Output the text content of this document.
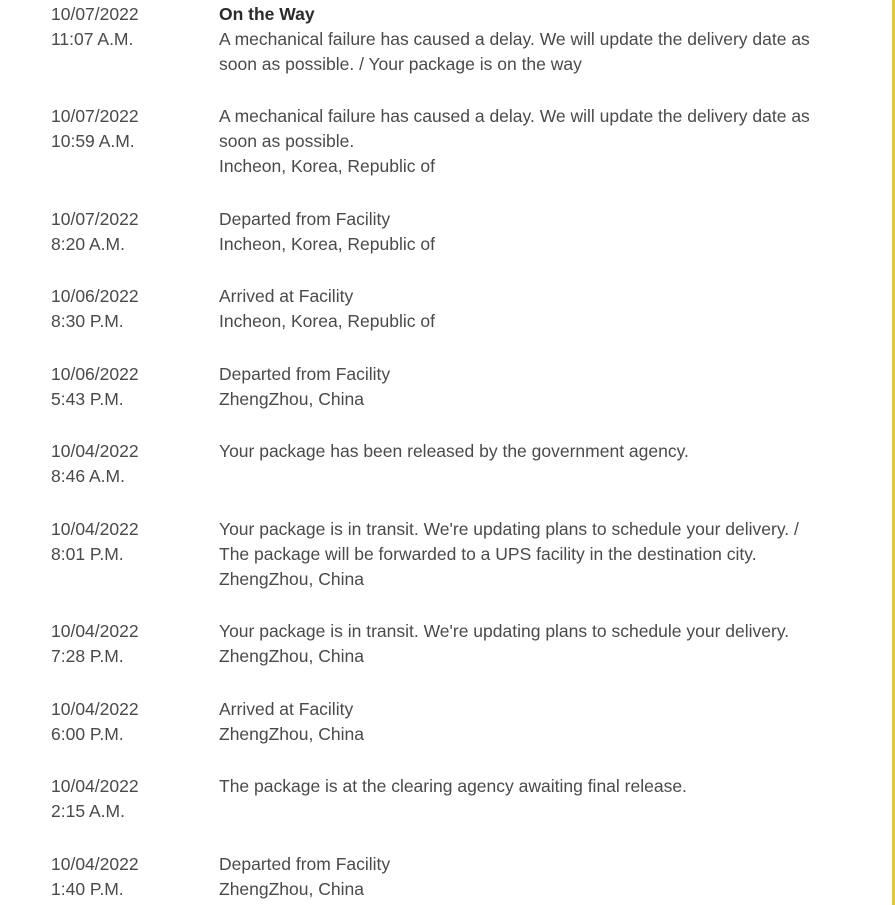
10/07/2022
11:07 A.M.
On the Way
A mechanical failure has caused a delay. We will update the delivery date as soon as possible. / Your package is on the way
10/07/2022
10:59 A.M.
A mechanical failure has caused a delay. We will update the delivery date as soon as possible.
Incheon, Korea, Republic of
10/07/2022
8:20 A.M.
Departed from Facility
Incheon, Korea, Republic of
10/06/2022
8:30 P.M.
Arrived at Facility
Incheon, Korea, Republic of
10/06/2022
5:43 P.M.
Departed from Facility
ZhengZhou, China
10/04/2022
8:46 A.M.
Your package has been released by the government agency.
10/04/2022
8:01 P.M.
Your package is in transit. We're updating plans to schedule your delivery. / The package will be forwarded to a UPS facility in the destination city.
ZhengZhou, China
10/04/2022
7:28 P.M.
Your package is in transit. We're updating plans to schedule your delivery.
ZhengZhou, China
10/04/2022
6:00 P.M.
Arrived at Facility
ZhengZhou, China
10/04/2022
2:15 A.M.
The package is at the clearing agency awaiting final release.
10/04/2022
1:40 P.M.
Departed from Facility
ZhengZhou, China
